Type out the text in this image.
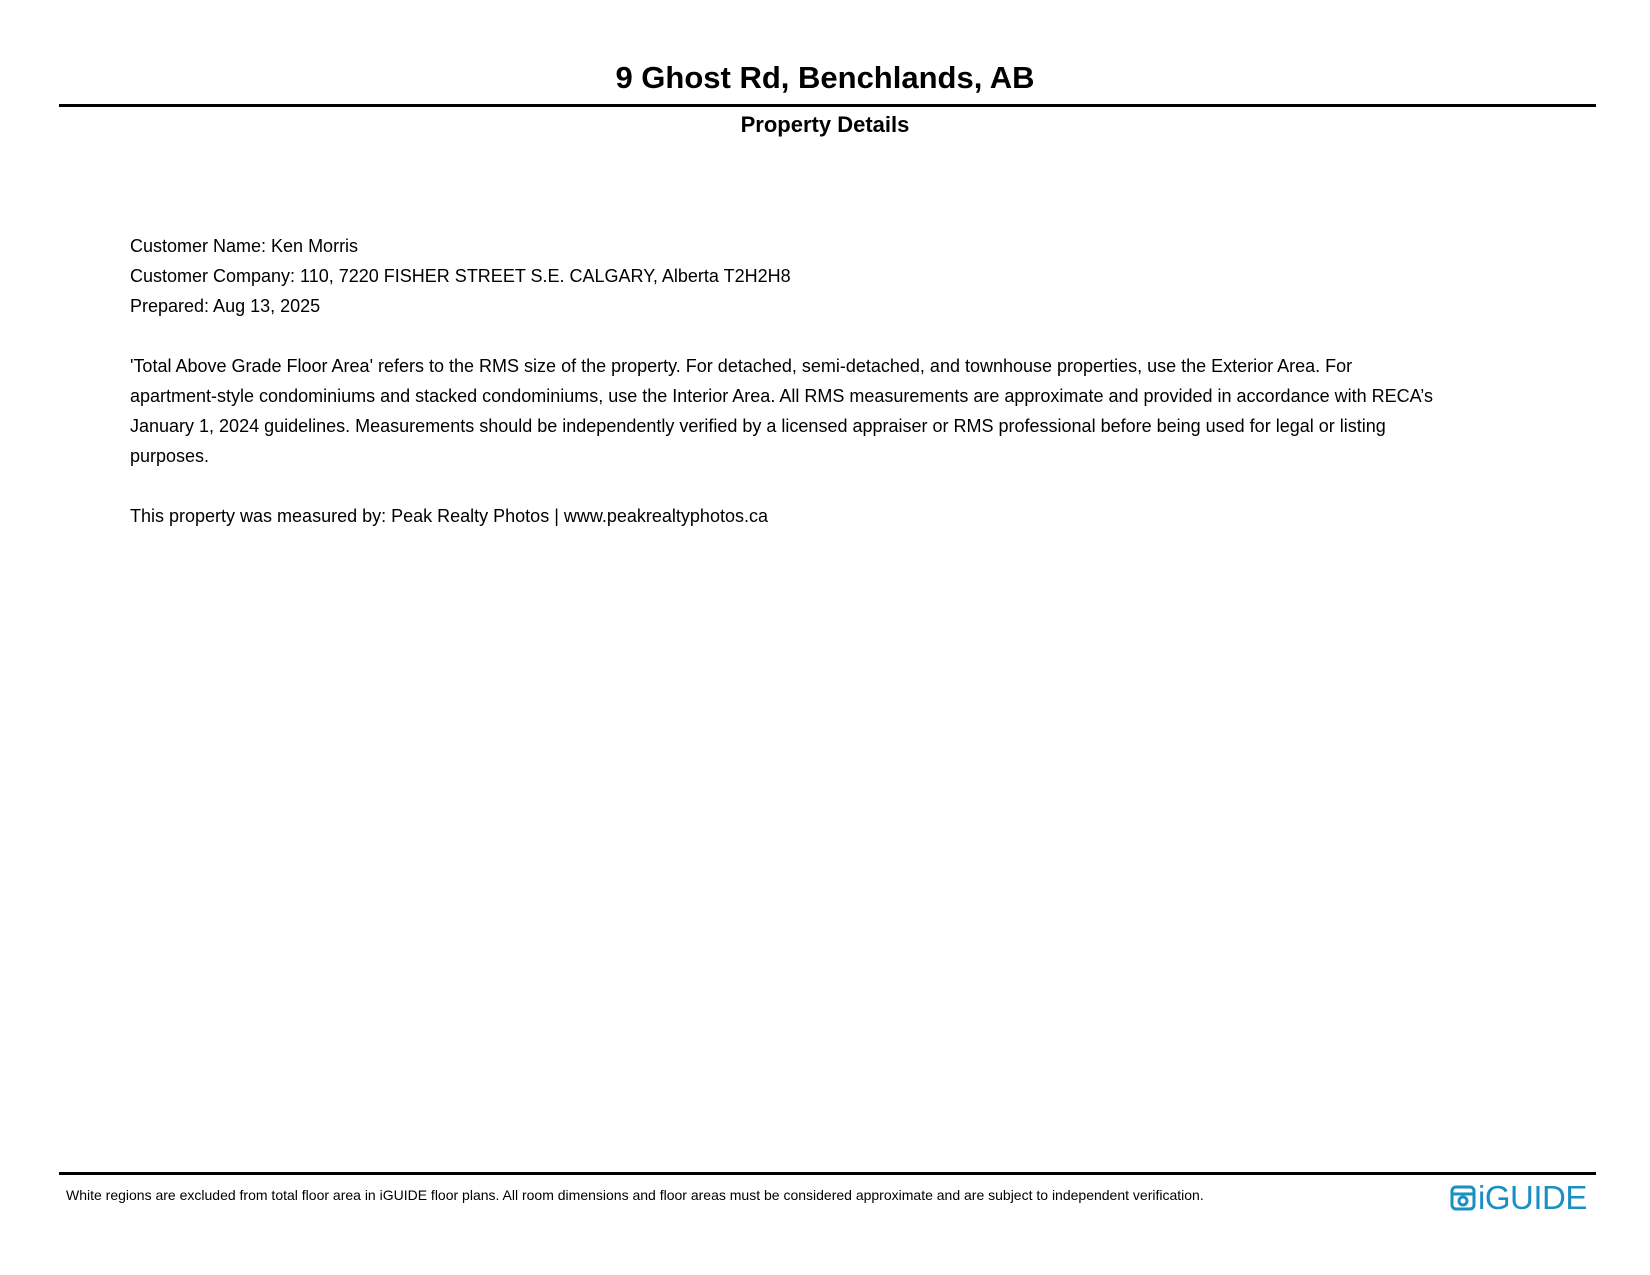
9 Ghost Rd, Benchlands, AB
Property Details
Customer Name: Ken Morris
Customer Company: 110, 7220 FISHER STREET S.E. CALGARY, Alberta T2H2H8
Prepared: Aug 13, 2025
'Total Above Grade Floor Area' refers to the RMS size of the property. For detached, semi-detached, and townhouse properties, use the Exterior Area. For
apartment-style condominiums and stacked condominiums, use the Interior Area. All RMS measurements are approximate and provided in accordance with RECA’s
January 1, 2024 guidelines. Measurements should be independently verified by a licensed appraiser or RMS professional before being used for legal or listing
purposes.
This property was measured by: Peak Realty Photos | www.peakrealtyphotos.ca
White regions are excluded from total floor area in iGUIDE floor plans. All room dimensions and floor areas must be considered approximate and are subject to independent verification.	iGUIDE
